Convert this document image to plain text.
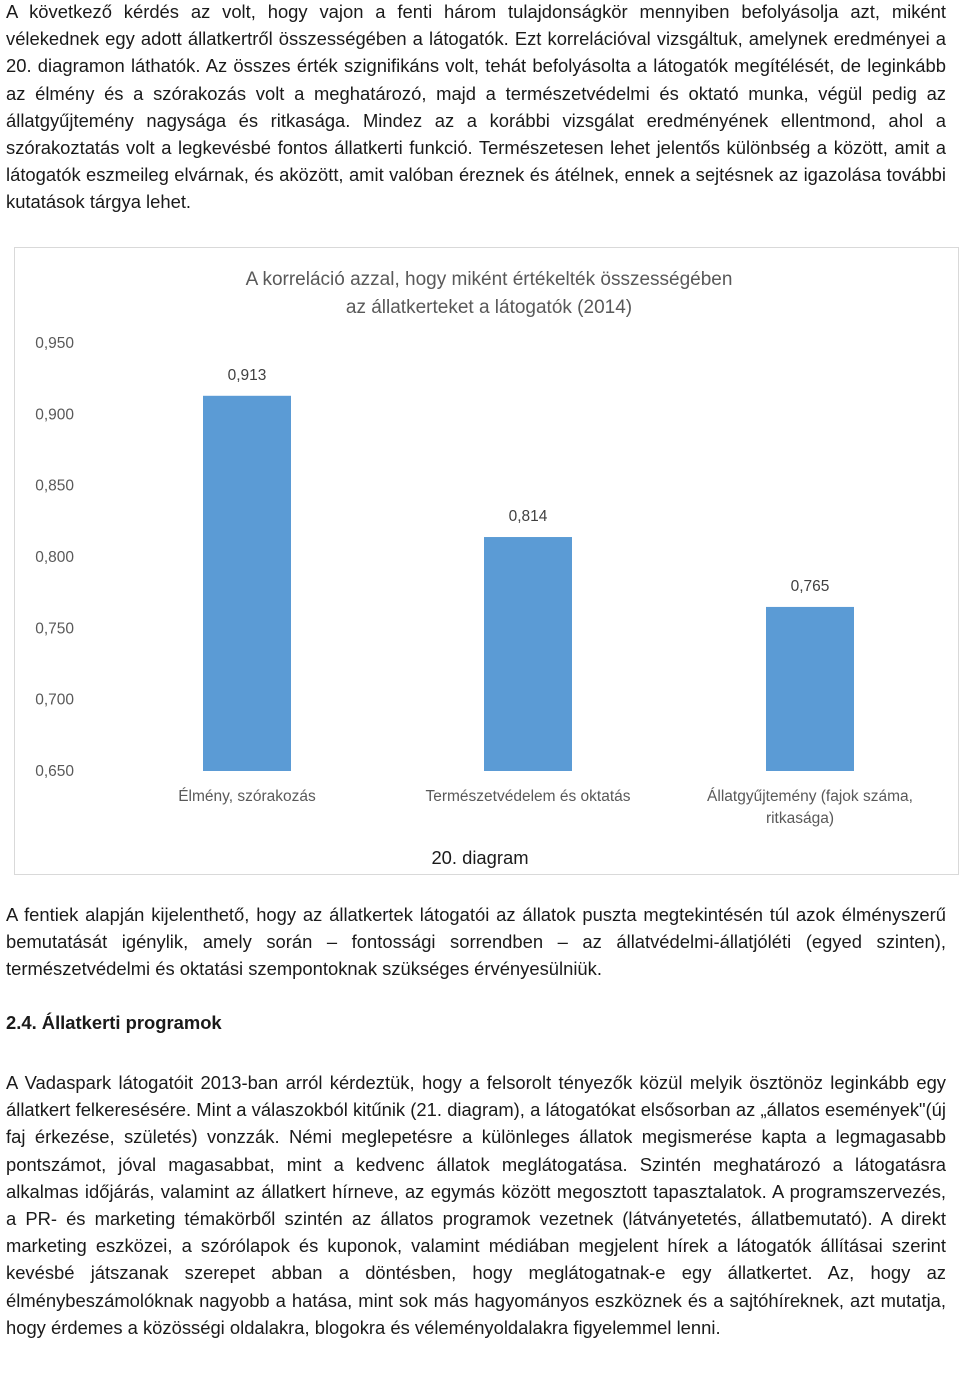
A következő kérdés az volt, hogy vajon a fenti három tulajdonságkör mennyiben befolyásolja azt, miként vélekednek egy adott állatkertről összességében a látogatók. Ezt korrelációval vizsgáltuk, amelynek eredményei a 20. diagramon láthatók. Az összes érték szignifikáns volt, tehát befolyásolta a látogatók megítélését, de leginkább az élmény és a szórakozás volt a meghatározó, majd a természetvédelmi és oktató munka, végül pedig az állatgyűjtemény nagysága és ritkasága. Mindez az a korábbi vizsgálat eredményének ellentmond, ahol a szórakoztatás volt a legkevésbé fontos állatkerti funkció. Természetesen lehet jelentős különbség a között, amit a látogatók eszmeileg elvárnak, és aközött, amit valóban éreznek és átélnek, ennek a sejtésnek az igazolása további kutatások tárgya lehet.

A korreláció azzal, hogy miként értékelték összességében
az állatkerteket a látogatók (2014)
0,650
0,700
0,750
0,800
0,850
0,900
0,950
0,913
0,814
0,765
Élmény, szórakozás	Természetvédelem és oktatás	Állatgyűjtemény (fajok száma,
ritkasága)
20. diagram
A fentiek alapján kijelenthető, hogy az állatkertek látogatói az állatok puszta megtekintésén túl azok élményszerű bemutatását igénylik, amely során – fontossági sorrendben – az állatvédelmi-állatjóléti (egyed szinten), természetvédelmi és oktatási szempontoknak szükséges érvényesülniük.
2.4. Állatkerti programok

A Vadaspark látogatóit 2013-ban arról kérdeztük, hogy a felsorolt tényezők közül melyik ösztönöz leginkább egy állatkert felkeresésére. Mint a válaszokból kitűnik (21. diagram), a látogatókat elsősorban az „állatos események"(új faj érkezése, születés) vonzzák. Némi meglepetésre a különleges állatok megismerése kapta a legmagasabb pontszámot, jóval magasabbat, mint a kedvenc állatok meglátogatása. Szintén meghatározó a látogatásra alkalmas időjárás, valamint az állatkert hírneve, az egymás között megosztott tapasztalatok. A programszervezés, a PR- és marketing témakörből szintén az állatos programok vezetnek (látványetetés, állatbemutató). A direkt marketing eszközei, a szórólapok és kuponok, valamint médiában megjelent hírek a látogatók állításai szerint kevésbé játszanak szerepet abban a döntésben, hogy meglátogatnak-e egy állatkertet. Az, hogy az élménybeszámolóknak nagyobb a hatása, mint sok más hagyományos eszköznek és a sajtóhíreknek, azt mutatja, hogy érdemes a közösségi oldalakra, blogokra és véleményoldalakra figyelemmel lenni.
